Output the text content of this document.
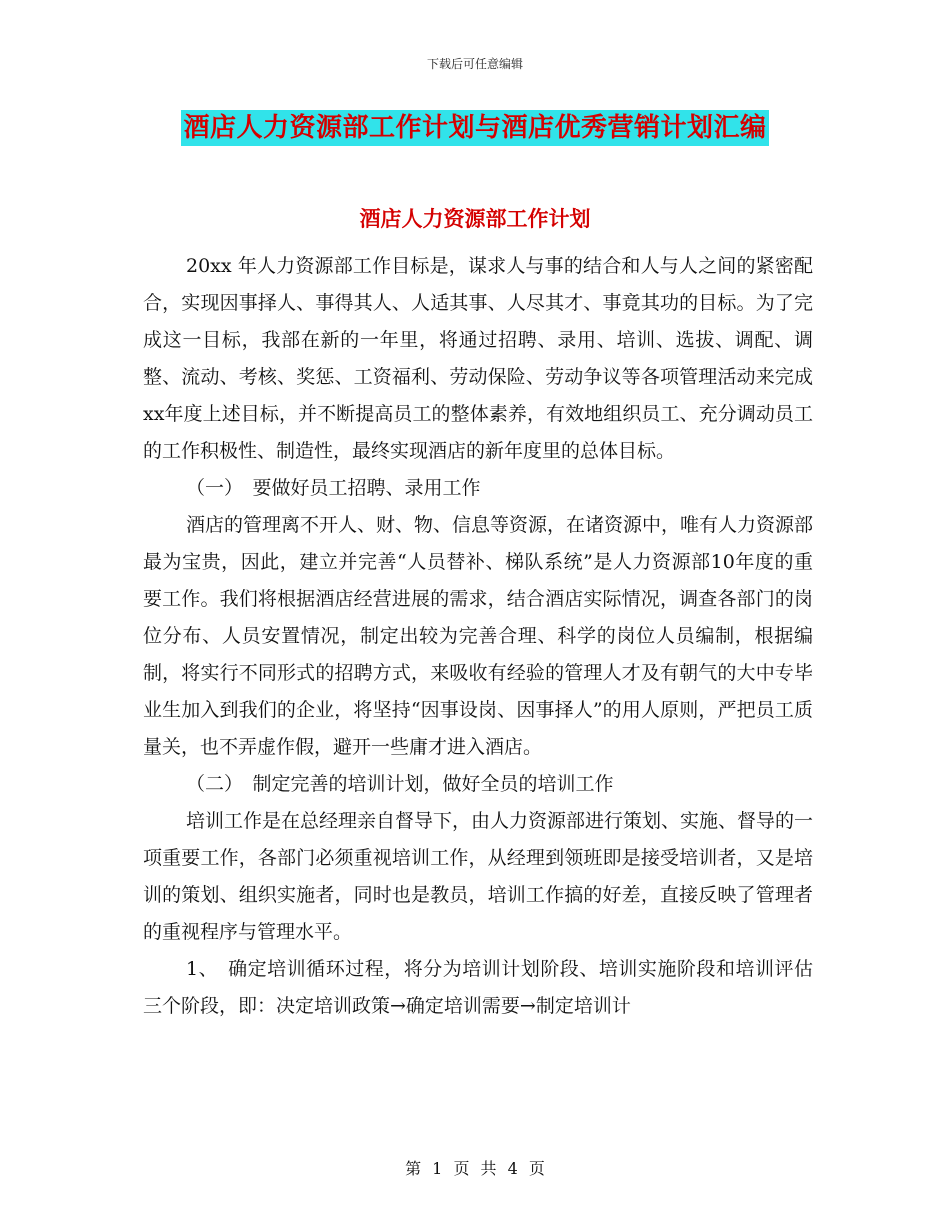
下载后可任意编辑
酒店人力资源部工作计划与酒店优秀营销计划汇编
酒店人力资源部工作计划

20xx 年人力资源部工作目标是，谋求人与事的结合和人与人之间的紧密配合，实现因事择人、事得其人、人适其事、人尽其才、事竟其功的目标。为了完成这一目标，我部在新的一年里，将通过招聘、录用、培训、选拔、调配、调整、流动、考核、奖惩、工资福利、劳动保险、劳动争议等各项管理活动来完成xx年度上述目标，并不断提高员工的整体素养，有效地组织员工、充分调动员工的工作积极性、制造性，最终实现酒店的新年度里的总体目标。

（一）　要做好员工招聘、录用工作

酒店的管理离不开人、财、物、信息等资源，在诸资源中，唯有人力资源部最为宝贵，因此，建立并完善“人员替补、梯队系统”是人力资源部10年度的重要工作。我们将根据酒店经营进展的需求，结合酒店实际情况，调查各部门的岗位分布、人员安置情况，制定出较为完善合理、科学的岗位人员编制，根据编制，将实行不同形式的招聘方式，来吸收有经验的管理人才及有朝气的大中专毕业生加入到我们的企业，将坚持“因事设岗、因事择人”的用人原则，严把员工质量关，也不弄虚作假，避开一些庸才进入酒店。

（二）　制定完善的培训计划，做好全员的培训工作

培训工作是在总经理亲自督导下，由人力资源部进行策划、实施、督导的一项重要工作，各部门必须重视培训工作，从经理到领班即是接受培训者，又是培训的策划、组织实施者，同时也是教员，培训工作搞的好差，直接反映了管理者的重视程序与管理水平。

1、　确定培训循环过程，将分为培训计划阶段、培训实施阶段和培训评估三个阶段，即：决定培训政策→确定培训需要→制定培训计

第 1 页 共 4 页
